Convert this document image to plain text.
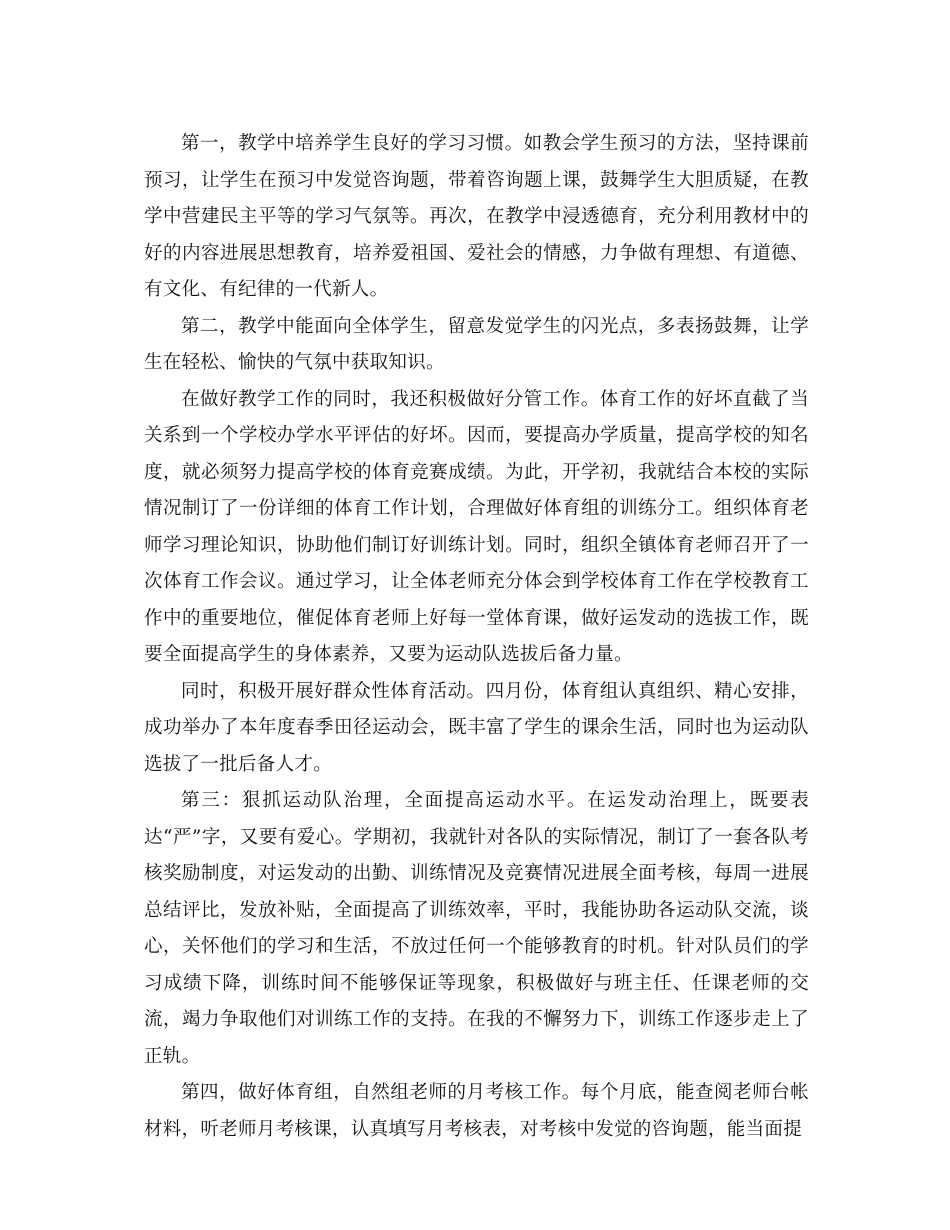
第一，教学中培养学生良好的学习习惯。如教会学生预习的方法，坚持课前预习，让学生在预习中发觉咨询题，带着咨询题上课，鼓舞学生大胆质疑，在教学中营建民主平等的学习气氛等。再次，在教学中浸透德育，充分利用教材中的好的内容进展思想教育，培养爱祖国、爱社会的情感，力争做有理想、有道德、有文化、有纪律的一代新人。

第二，教学中能面向全体学生，留意发觉学生的闪光点，多表扬鼓舞，让学生在轻松、愉快的气氛中获取知识。

在做好教学工作的同时，我还积极做好分管工作。体育工作的好坏直截了当关系到一个学校办学水平评估的好坏。因而，要提高办学质量，提高学校的知名度，就必须努力提高学校的体育竞赛成绩。为此，开学初，我就结合本校的实际情况制订了一份详细的体育工作计划，合理做好体育组的训练分工。组织体育老师学习理论知识，协助他们制订好训练计划。同时，组织全镇体育老师召开了一次体育工作会议。通过学习，让全体老师充分体会到学校体育工作在学校教育工作中的重要地位，催促体育老师上好每一堂体育课，做好运发动的选拔工作，既要全面提高学生的身体素养，又要为运动队选拔后备力量。

同时，积极开展好群众性体育活动。四月份，体育组认真组织、精心安排，成功举办了本年度春季田径运动会，既丰富了学生的课余生活，同时也为运动队选拔了一批后备人才。

第三：狠抓运动队治理，全面提高运动水平。在运发动治理上，既要表达“严”字，又要有爱心。学期初，我就针对各队的实际情况，制订了一套各队考核奖励制度，对运发动的出勤、训练情况及竞赛情况进展全面考核，每周一进展总结评比，发放补贴，全面提高了训练效率，平时，我能协助各运动队交流，谈心，关怀他们的学习和生活，不放过任何一个能够教育的时机。针对队员们的学习成绩下降，训练时间不能够保证等现象，积极做好与班主任、任课老师的交流，竭力争取他们对训练工作的支持。在我的不懈努力下，训练工作逐步走上了正轨。

第四，做好体育组，自然组老师的月考核工作。每个月底，能查阅老师台帐材料，听老师月考核课，认真填写月考核表，对考核中发觉的咨询题，能当面提
